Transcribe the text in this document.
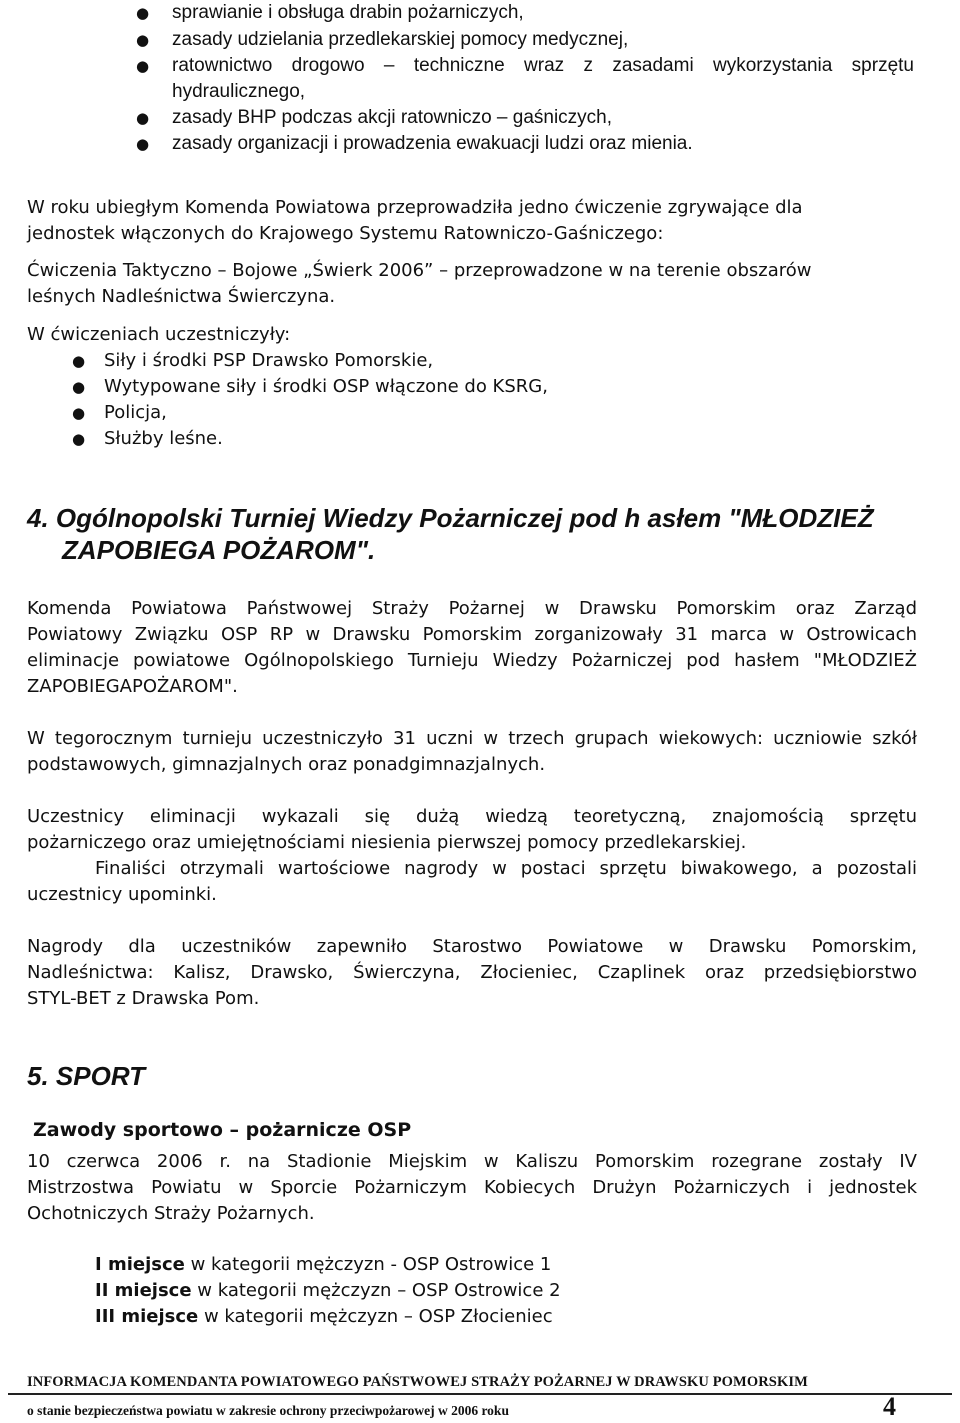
● sprawianie i obsługa drabin pożarniczych,
● zasady udzielania przedlekarskiej pomocy medycznej,
● ratownictwo drogowo – techniczne wraz z zasadami wykorzystania sprzętu
hydraulicznego,
● zasady BHP podczas akcji ratowniczo – gaśniczych,
● zasady organizacji i prowadzenia ewakuacji ludzi oraz mienia.
W roku ubiegłym Komenda Powiatowa przeprowadziła jedno ćwiczenie zgrywające dla
jednostek włączonych do Krajowego Systemu Ratowniczo-Gaśniczego:
Ćwiczenia Taktyczno – Bojowe „Świerk 2006” – przeprowadzone w na terenie obszarów
leśnych Nadleśnictwa Świerczyna.
W ćwiczeniach uczestniczyły:
● Siły i środki PSP Drawsko Pomorskie,
● Wytypowane siły i środki OSP włączone do KSRG,
● Policja,
● Służby leśne.
4. Ogólnopolski Turniej Wiedzy Pożarniczej pod h asłem "MŁODZIEŻ
ZAPOBIEGA POŻAROM".

Komenda Powiatowa Państwowej Straży Pożarnej w Drawsku Pomorskim oraz Zarząd

Powiatowy Związku OSP RP w Drawsku Pomorskim zorganizowały 31 marca w Ostrowicach

eliminacje powiatowe Ogólnopolskiego Turnieju Wiedzy Pożarniczej pod hasłem "MŁODZIEŻ

ZAPOBIEGAPOŻAROM".

W tegorocznym turnieju uczestniczyło 31 uczni w trzech grupach wiekowych: uczniowie szkół

podstawowych, gimnazjalnych oraz ponadgimnazjalnych.

Uczestnicy eliminacji wykazali się dużą wiedzą teoretyczną, znajomością sprzętu

pożarniczego oraz umiejętnościami niesienia pierwszej pomocy przedlekarskiej.

Finaliści otrzymali wartościowe nagrody w postaci sprzętu biwakowego, a pozostali

uczestnicy upominki.

Nagrody dla uczestników zapewniło Starostwo Powiatowe w Drawsku Pomorskim,

Nadleśnictwa: Kalisz, Drawsko, Świerczyna, Złocieniec, Czaplinek oraz przedsiębiorstwo

STYL-BET z Drawska Pom.

5. SPORT
Zawody sportowo – pożarnicze OSP

10 czerwca 2006 r. na Stadionie Miejskim w Kaliszu Pomorskim rozegrane zostały IV

Mistrzostwa Powiatu w Sporcie Pożarniczym Kobiecych Drużyn Pożarniczych i jednostek

Ochotniczych Straży Pożarnych.

I miejsce w kategorii mężczyzn - OSP Ostrowice 1
II miejsce w kategorii mężczyzn – OSP Ostrowice 2
III miejsce w kategorii mężczyzn – OSP Złocieniec
INFORMACJA KOMENDANTA POWIATOWEGO PAŃSTWOWEJ STRAŻY POŻARNEJ W DRAWSKU POMORSKIM
o stanie bezpieczeństwa powiatu w zakresie ochrony przeciwpożarowej w 2006 roku	4
